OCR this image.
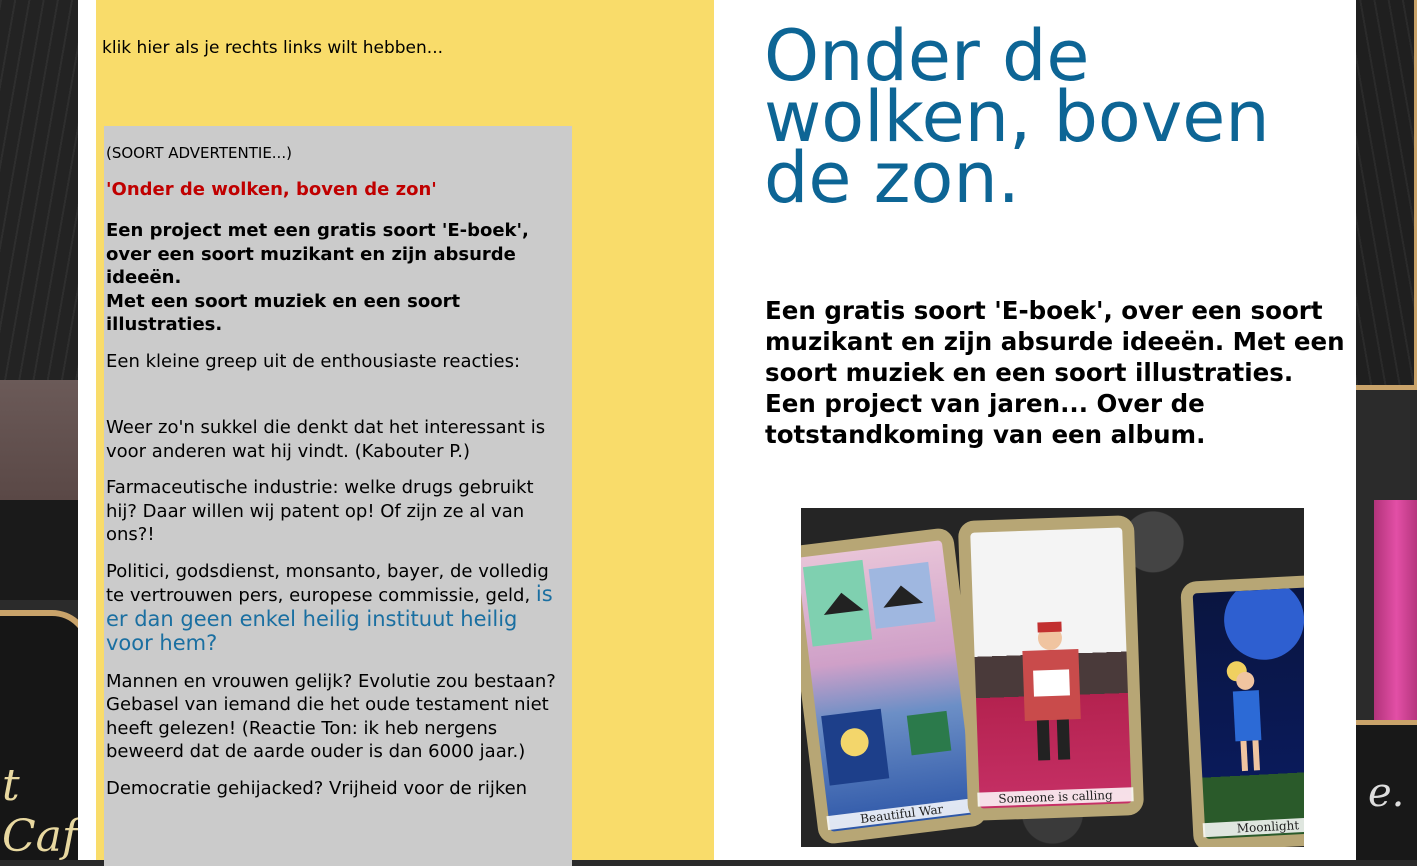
t Caf
e.
klik hier als je rechts links wilt hebben...

(SOORT ADVERTENTIE...)

'Onder de wolken, boven de zon'

Een project met een gratis soort 'E-boek', over een soort muzikant en zijn absurde ideeën.
Met een soort muziek en een soort illustraties.

Een kleine greep uit de enthousiaste reacties:

Weer zo'n sukkel die denkt dat het interessant is voor anderen wat hij vindt. (Kabouter P.)

Farmaceutische industrie: welke drugs gebruikt hij? Daar willen wij patent op! Of zijn ze al van ons?!

Politici, godsdienst, monsanto, bayer, de volledig te vertrouwen pers, europese commissie, geld, is er dan geen enkel heilig instituut heilig voor hem?

Mannen en vrouwen gelijk? Evolutie zou bestaan? Gebasel van iemand die het oude testament niet heeft gelezen! (Reactie Ton: ik heb nergens beweerd dat de aarde ouder is dan 6000 jaar.)

Democratie gehijacked? Vrijheid voor de rijken

Onder de wolken, boven de zon.

Een gratis soort 'E-boek', over een soort muzikant en zijn absurde ideeën. Met een soort muziek en een soort illustraties. Een project van jaren... Over de totstandkoming van een album.

Beautiful War
Someone is calling
Moonlight
